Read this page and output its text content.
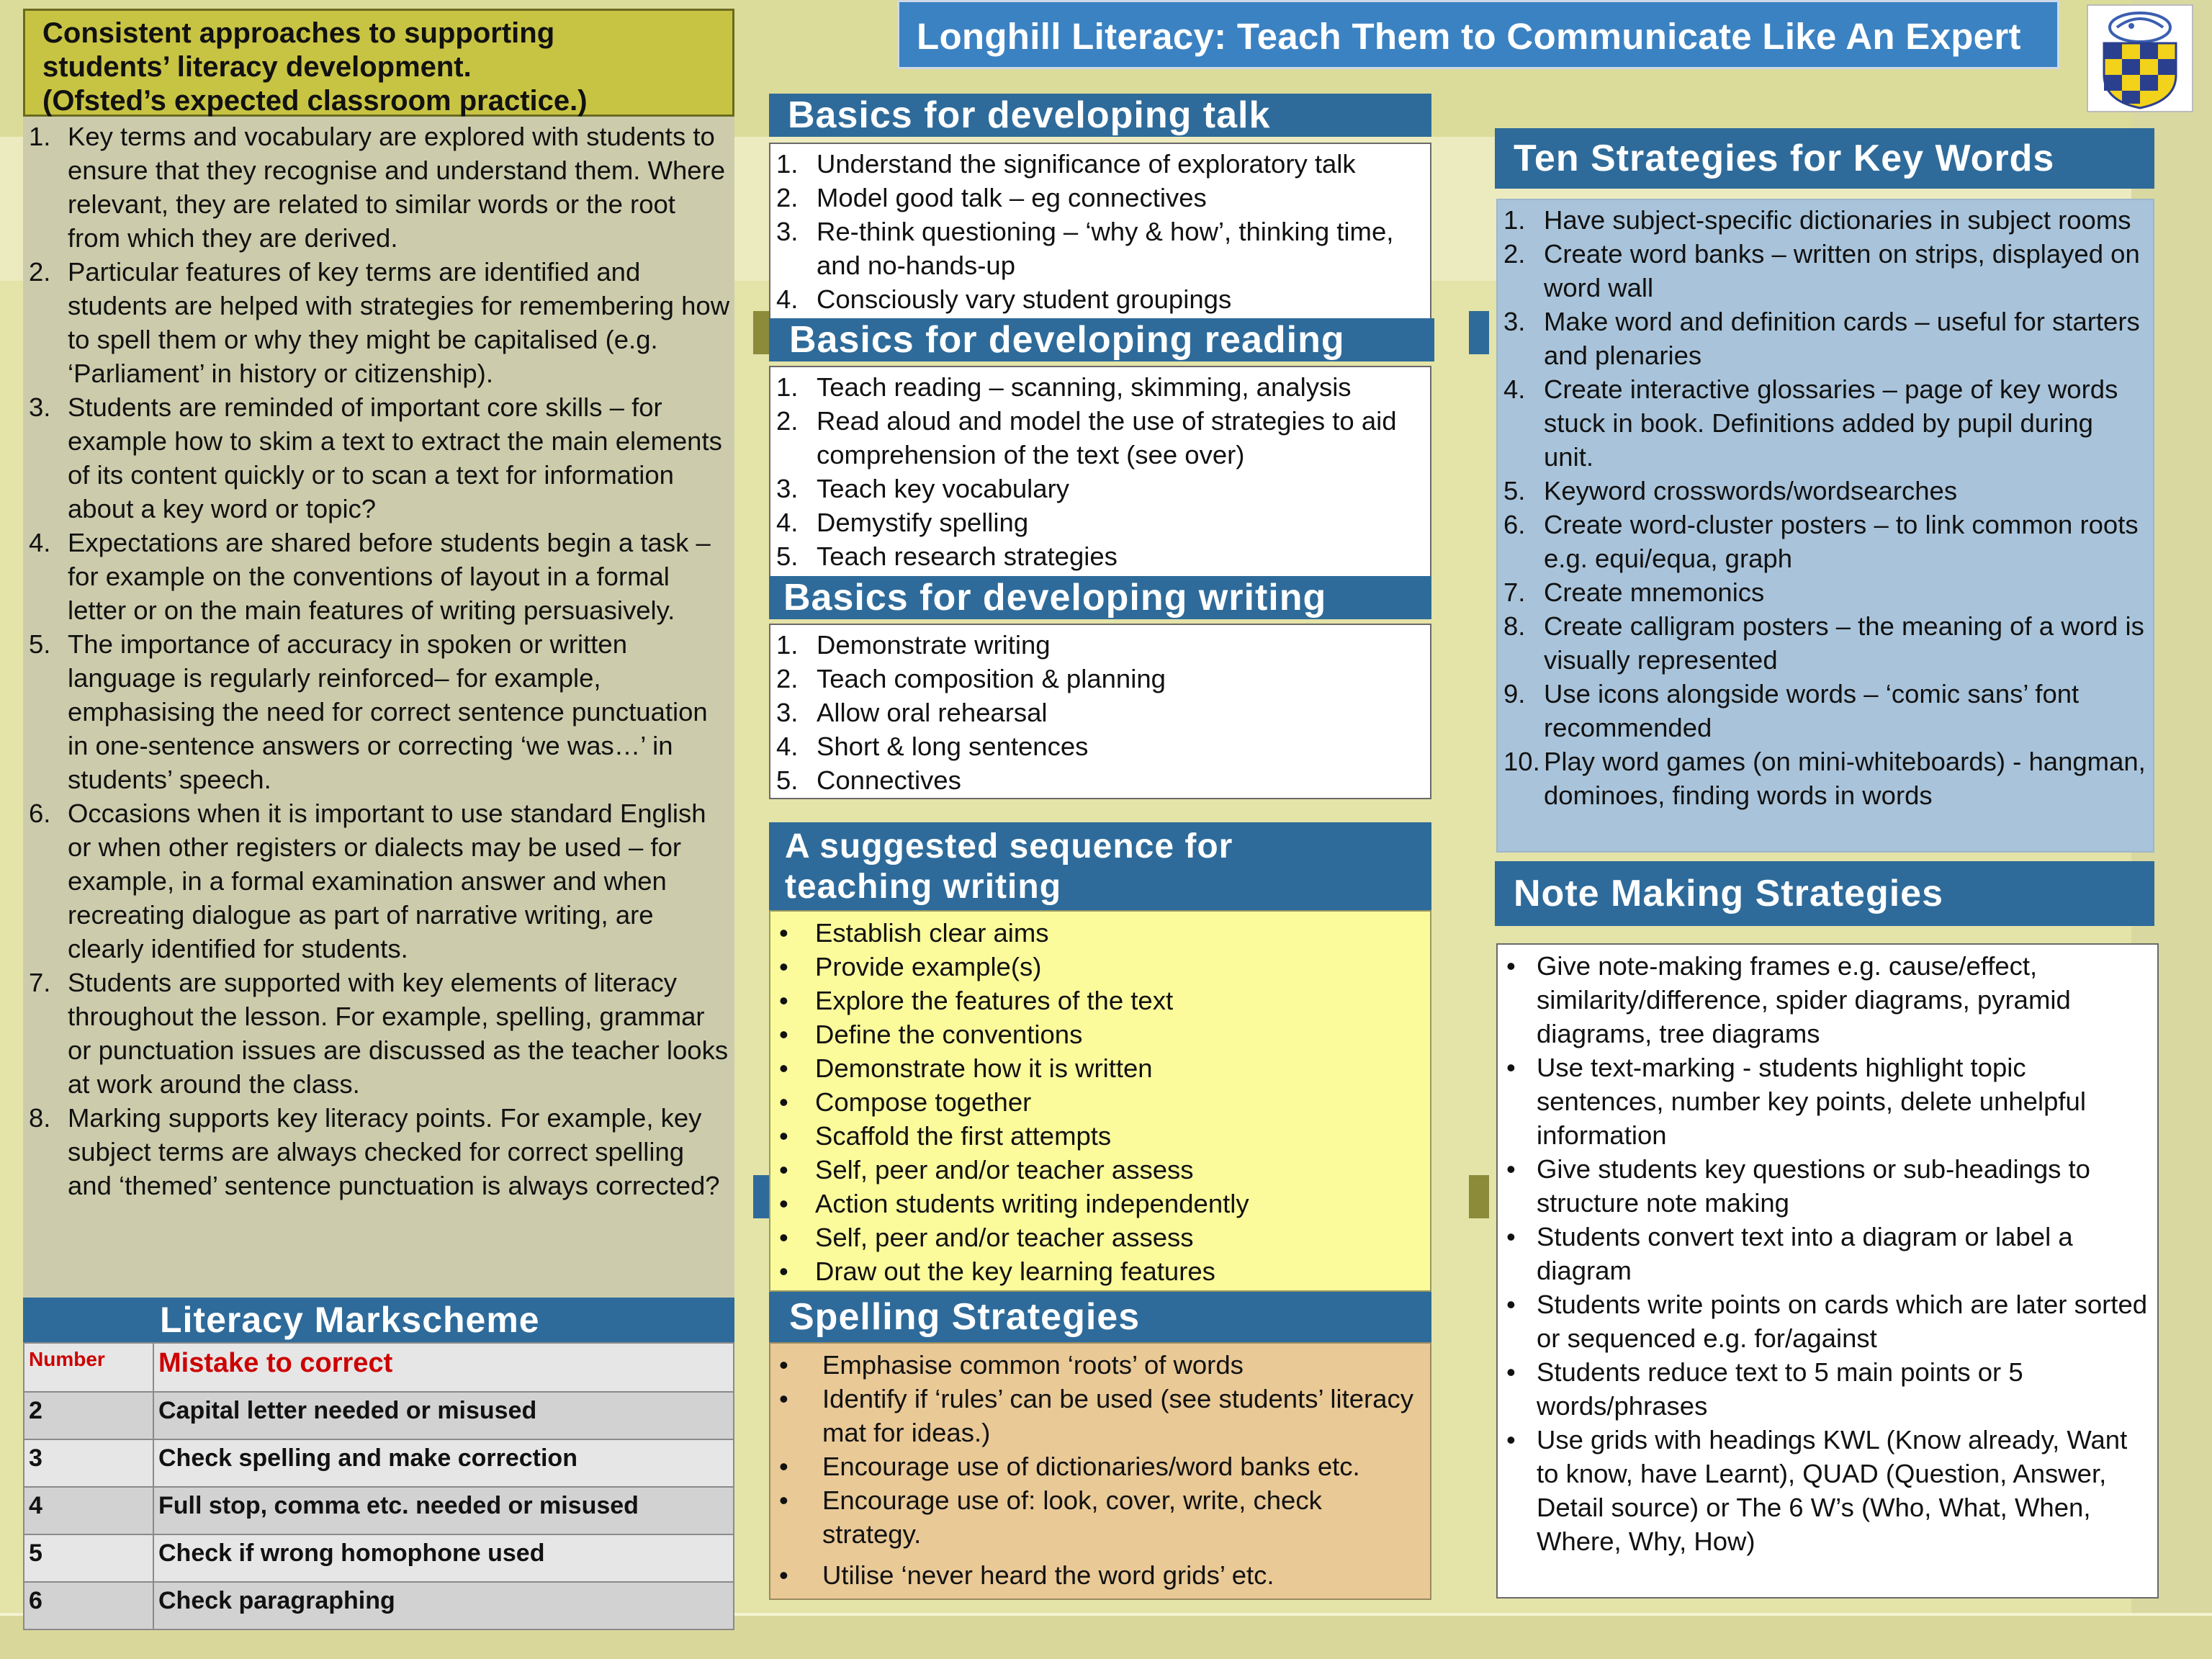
Longhill Literacy: Teach Them to Communicate Like An Expert
Consistent approaches to supporting
students’ literacy development.
(Ofsted’s expected classroom practice.)
1. Key terms and vocabulary are explored with students to ensure that they recognise and understand them. Where relevant, they are related to similar words or the root from which they are derived.
2. Particular features of key terms are identified and students are helped with strategies for remembering how to spell them or why they might be capitalised (e.g. ‘Parliament’ in history or citizenship).
3. Students are reminded of important core skills – for example how to skim a text to extract the main elements of its content quickly or to scan a text for information about a key word or topic?
4. Expectations are shared before students begin a task – for example on the conventions of layout in a formal letter or on the main features of writing persuasively.
5. The importance of accuracy in spoken or written language is regularly reinforced– for example, emphasising the need for correct sentence punctuation in one-sentence answers or correcting ‘we was…’ in students’ speech.
6. Occasions when it is important to use standard English or when other registers or dialects may be used – for example, in a formal examination answer and when recreating dialogue as part of narrative writing, are clearly identified for students.
7. Students are supported with key elements of literacy throughout the lesson. For example, spelling, grammar or punctuation issues are discussed as the teacher looks at work around the class.
8. Marking supports key literacy points. For example, key subject terms are always checked for correct spelling and ‘themed’ sentence punctuation is always corrected?
Literacy Markscheme
Number	Mistake to correct
2	Capital letter needed or misused
3	Check spelling and make correction
4	Full stop, comma etc. needed or misused
5	Check if wrong homophone used
6	Check paragraphing
Basics for developing talk
1. Understand the significance of exploratory talk
2. Model good talk – eg connectives
3. Re-think questioning – ‘why & how’, thinking time, and no-hands-up
4. Consciously vary student groupings
Basics for developing reading
1. Teach reading – scanning, skimming, analysis
2. Read aloud and model the use of strategies to aid comprehension of the text (see over)
3. Teach key vocabulary
4. Demystify spelling
5. Teach research strategies
Basics for developing writing
1. Demonstrate writing
2. Teach composition & planning
3. Allow oral rehearsal
4. Short & long sentences
5. Connectives
A suggested sequence for
teaching writing
• Establish clear aims
• Provide example(s)
• Explore the features of the text
• Define the conventions
• Demonstrate how it is written
• Compose together
• Scaffold the first attempts
• Self, peer and/or teacher assess
• Action students writing independently
• Self, peer and/or teacher assess
• Draw out the key learning features
Spelling Strategies
• Emphasise common ‘roots’ of words
• Identify if ‘rules’ can be used (see students’ literacy mat for ideas.)
• Encourage use of dictionaries/word banks etc.
• Encourage use of: look, cover, write, check strategy.
• Utilise ‘never heard the word grids’ etc.
Ten Strategies for Key Words
1. Have subject-specific dictionaries in subject rooms
2. Create word banks – written on strips, displayed on word wall
3. Make word and definition cards – useful for starters and plenaries
4. Create interactive glossaries – page of key words stuck in book. Definitions added by pupil during unit.
5. Keyword crosswords/wordsearches
6. Create word-cluster posters – to link common roots e.g. equi/equa, graph
7. Create mnemonics
8. Create calligram posters – the meaning of a word is visually represented
9. Use icons alongside words – ‘comic sans’ font recommended
10. Play word games (on mini-whiteboards) - hangman, dominoes, finding words in words
Note Making Strategies
• Give note-making frames e.g. cause/effect, similarity/difference, spider diagrams, pyramid diagrams, tree diagrams
• Use text-marking - students highlight topic sentences, number key points, delete unhelpful information
• Give students key questions or sub-headings to structure note making
• Students convert text into a diagram or label a diagram
• Students write points on cards which are later sorted or sequenced e.g. for/against
• Students reduce text to 5 main points or 5 words/phrases
• Use grids with headings KWL (Know already, Want to know, have Learnt), QUAD (Question, Answer, Detail source) or The 6 W’s (Who, What, When, Where, Why, How)
